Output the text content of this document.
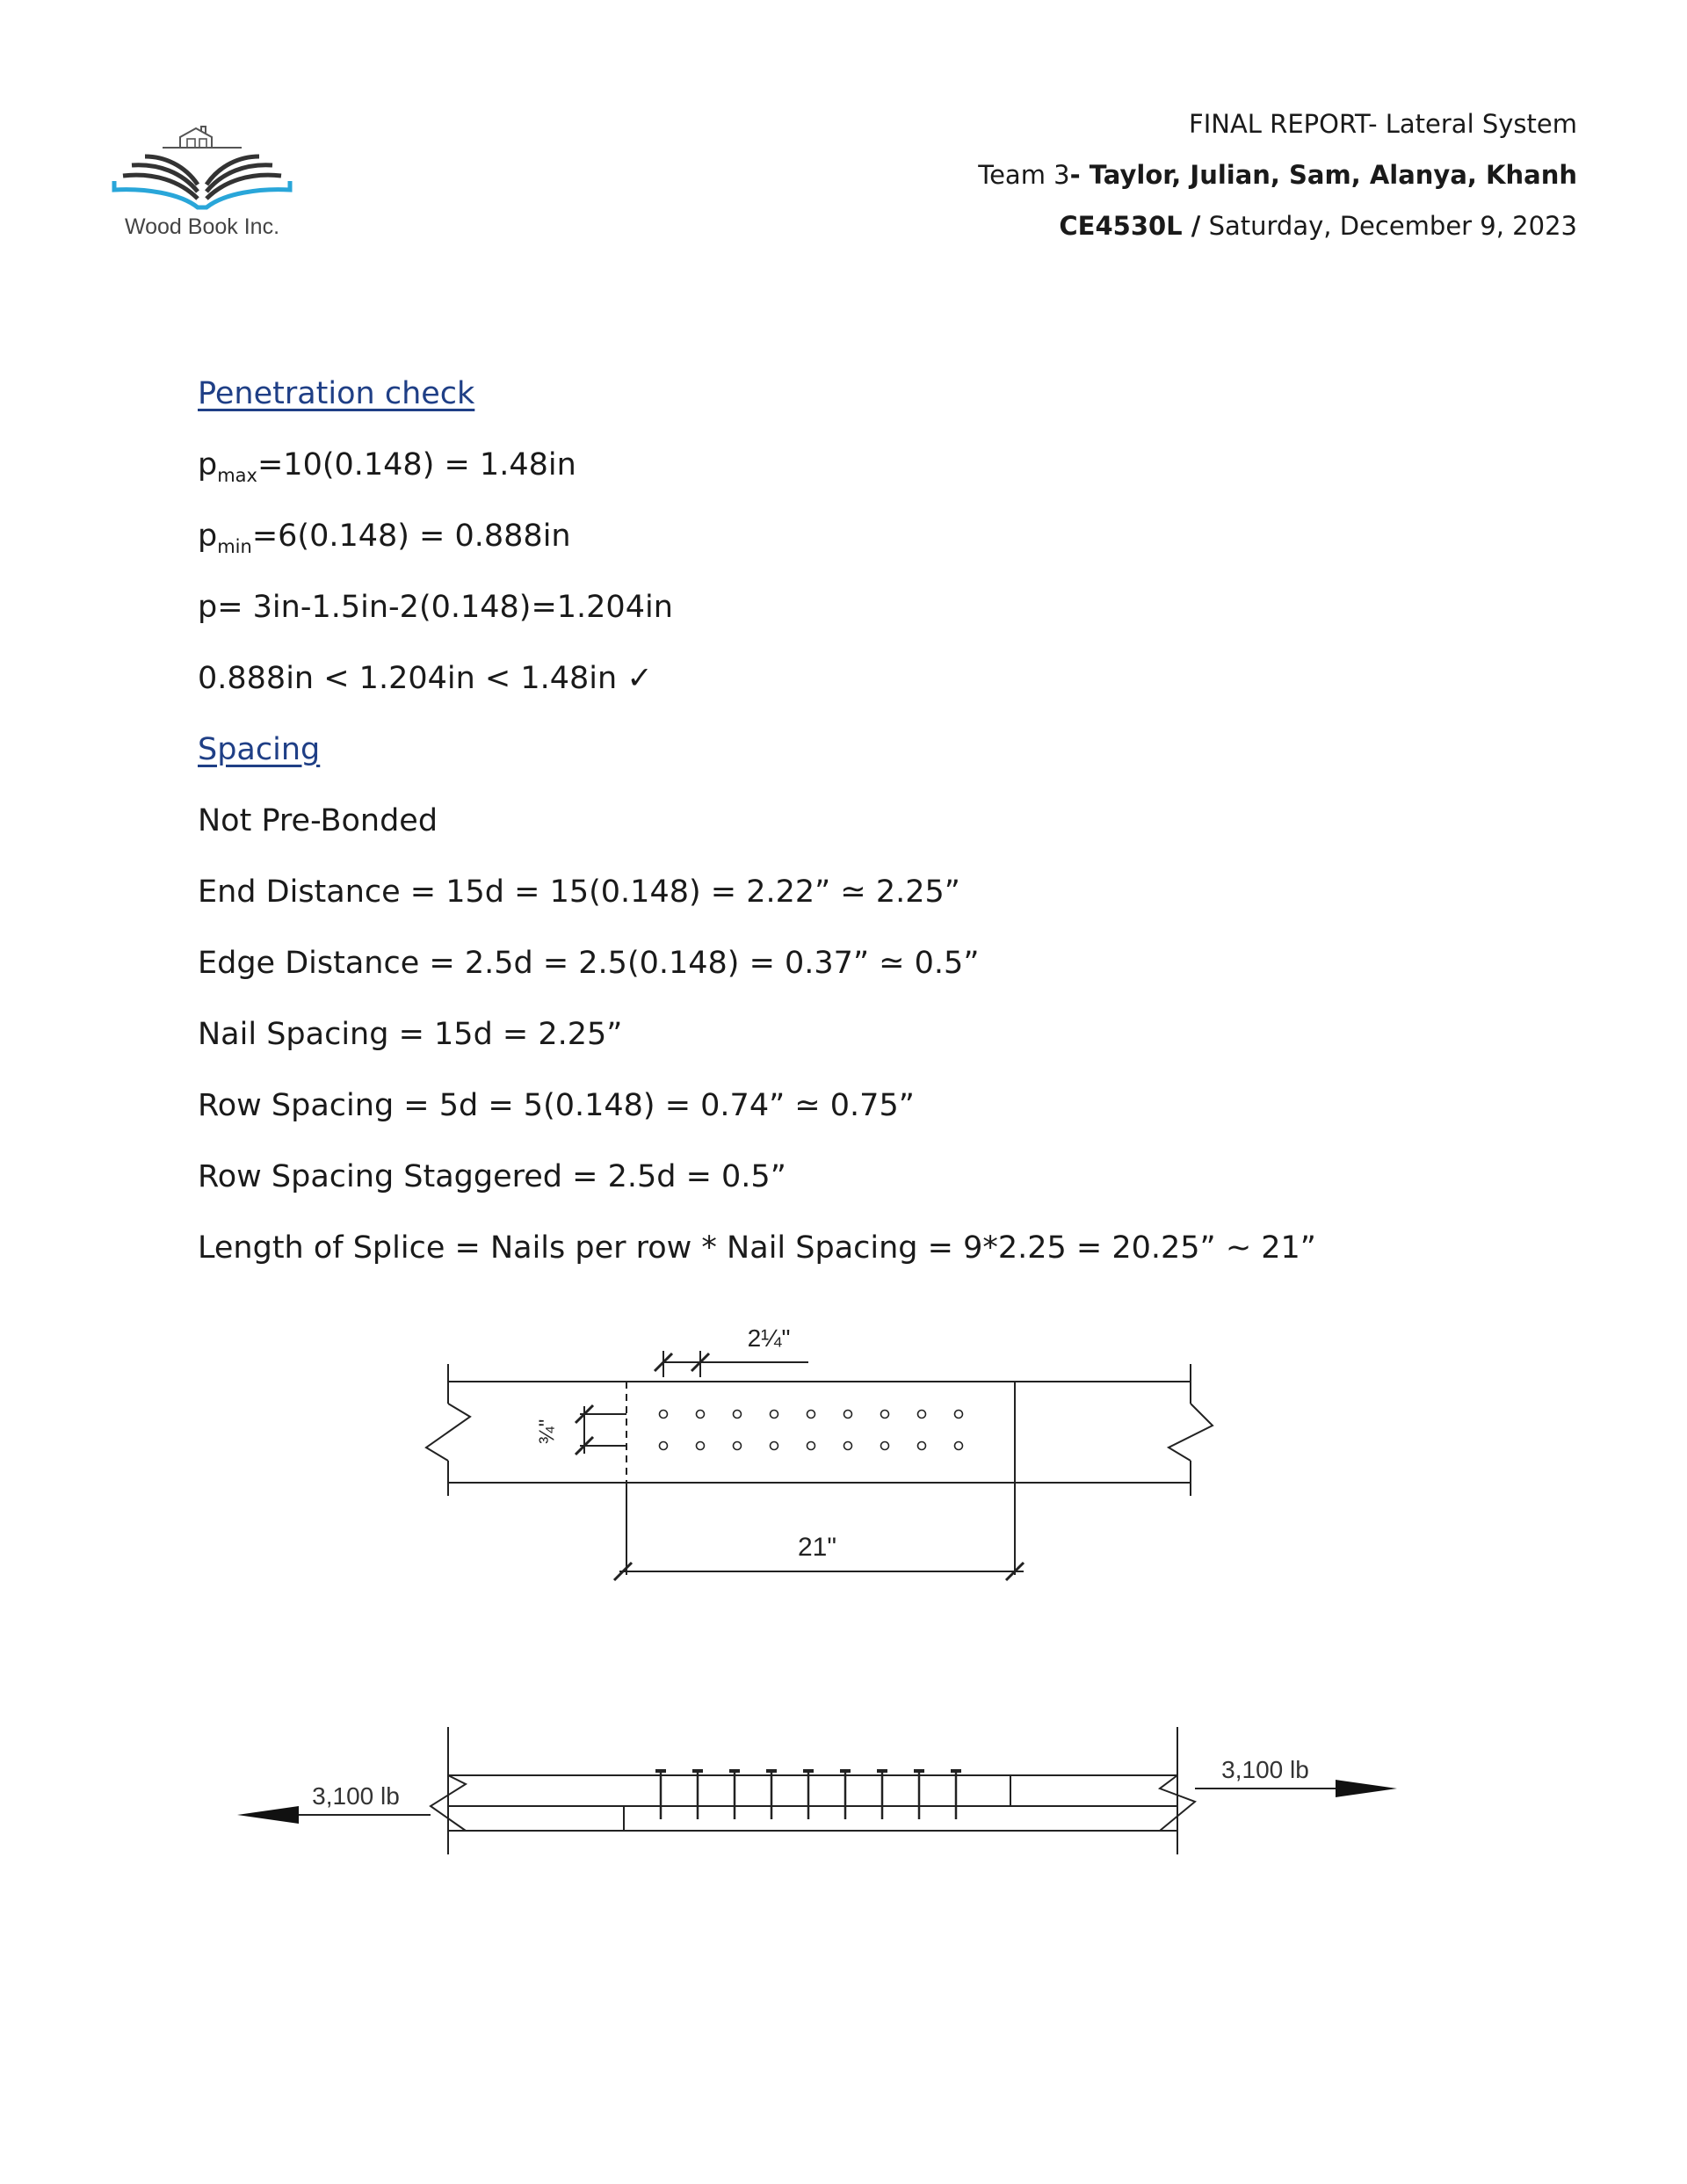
Wood Book Inc.
FINAL REPORT- Lateral System
Team 3- Taylor, Julian, Sam, Alanya, Khanh
CE4530L / Saturday, December 9, 2023
Penetration check
$p_{max}=10(0.148) = 1.48in$
$p_{min}=6(0.148) = 0.888in$
p= 3in-1.5in-2(0.148)=1.204in
0.888in < 1.204in < 1.48in ✓
Spacing
Not Pre-Bonded
End Distance = 15d = 15(0.148) = 2.22” ≃ 2.25”
Edge Distance = 2.5d = 2.5(0.148) = 0.37” ≃ 0.5”
Nail Spacing = 15d = 2.25”
Row Spacing = 5d = 5(0.148) = 0.74” ≃ 0.75”
Row Spacing Staggered = 2.5d = 0.5”
Length of Splice = Nails per row * Nail Spacing = 9*2.25 = 20.25” ~ 21”
2¼"
¾"
21"
3,100 lb
3,100 lb
